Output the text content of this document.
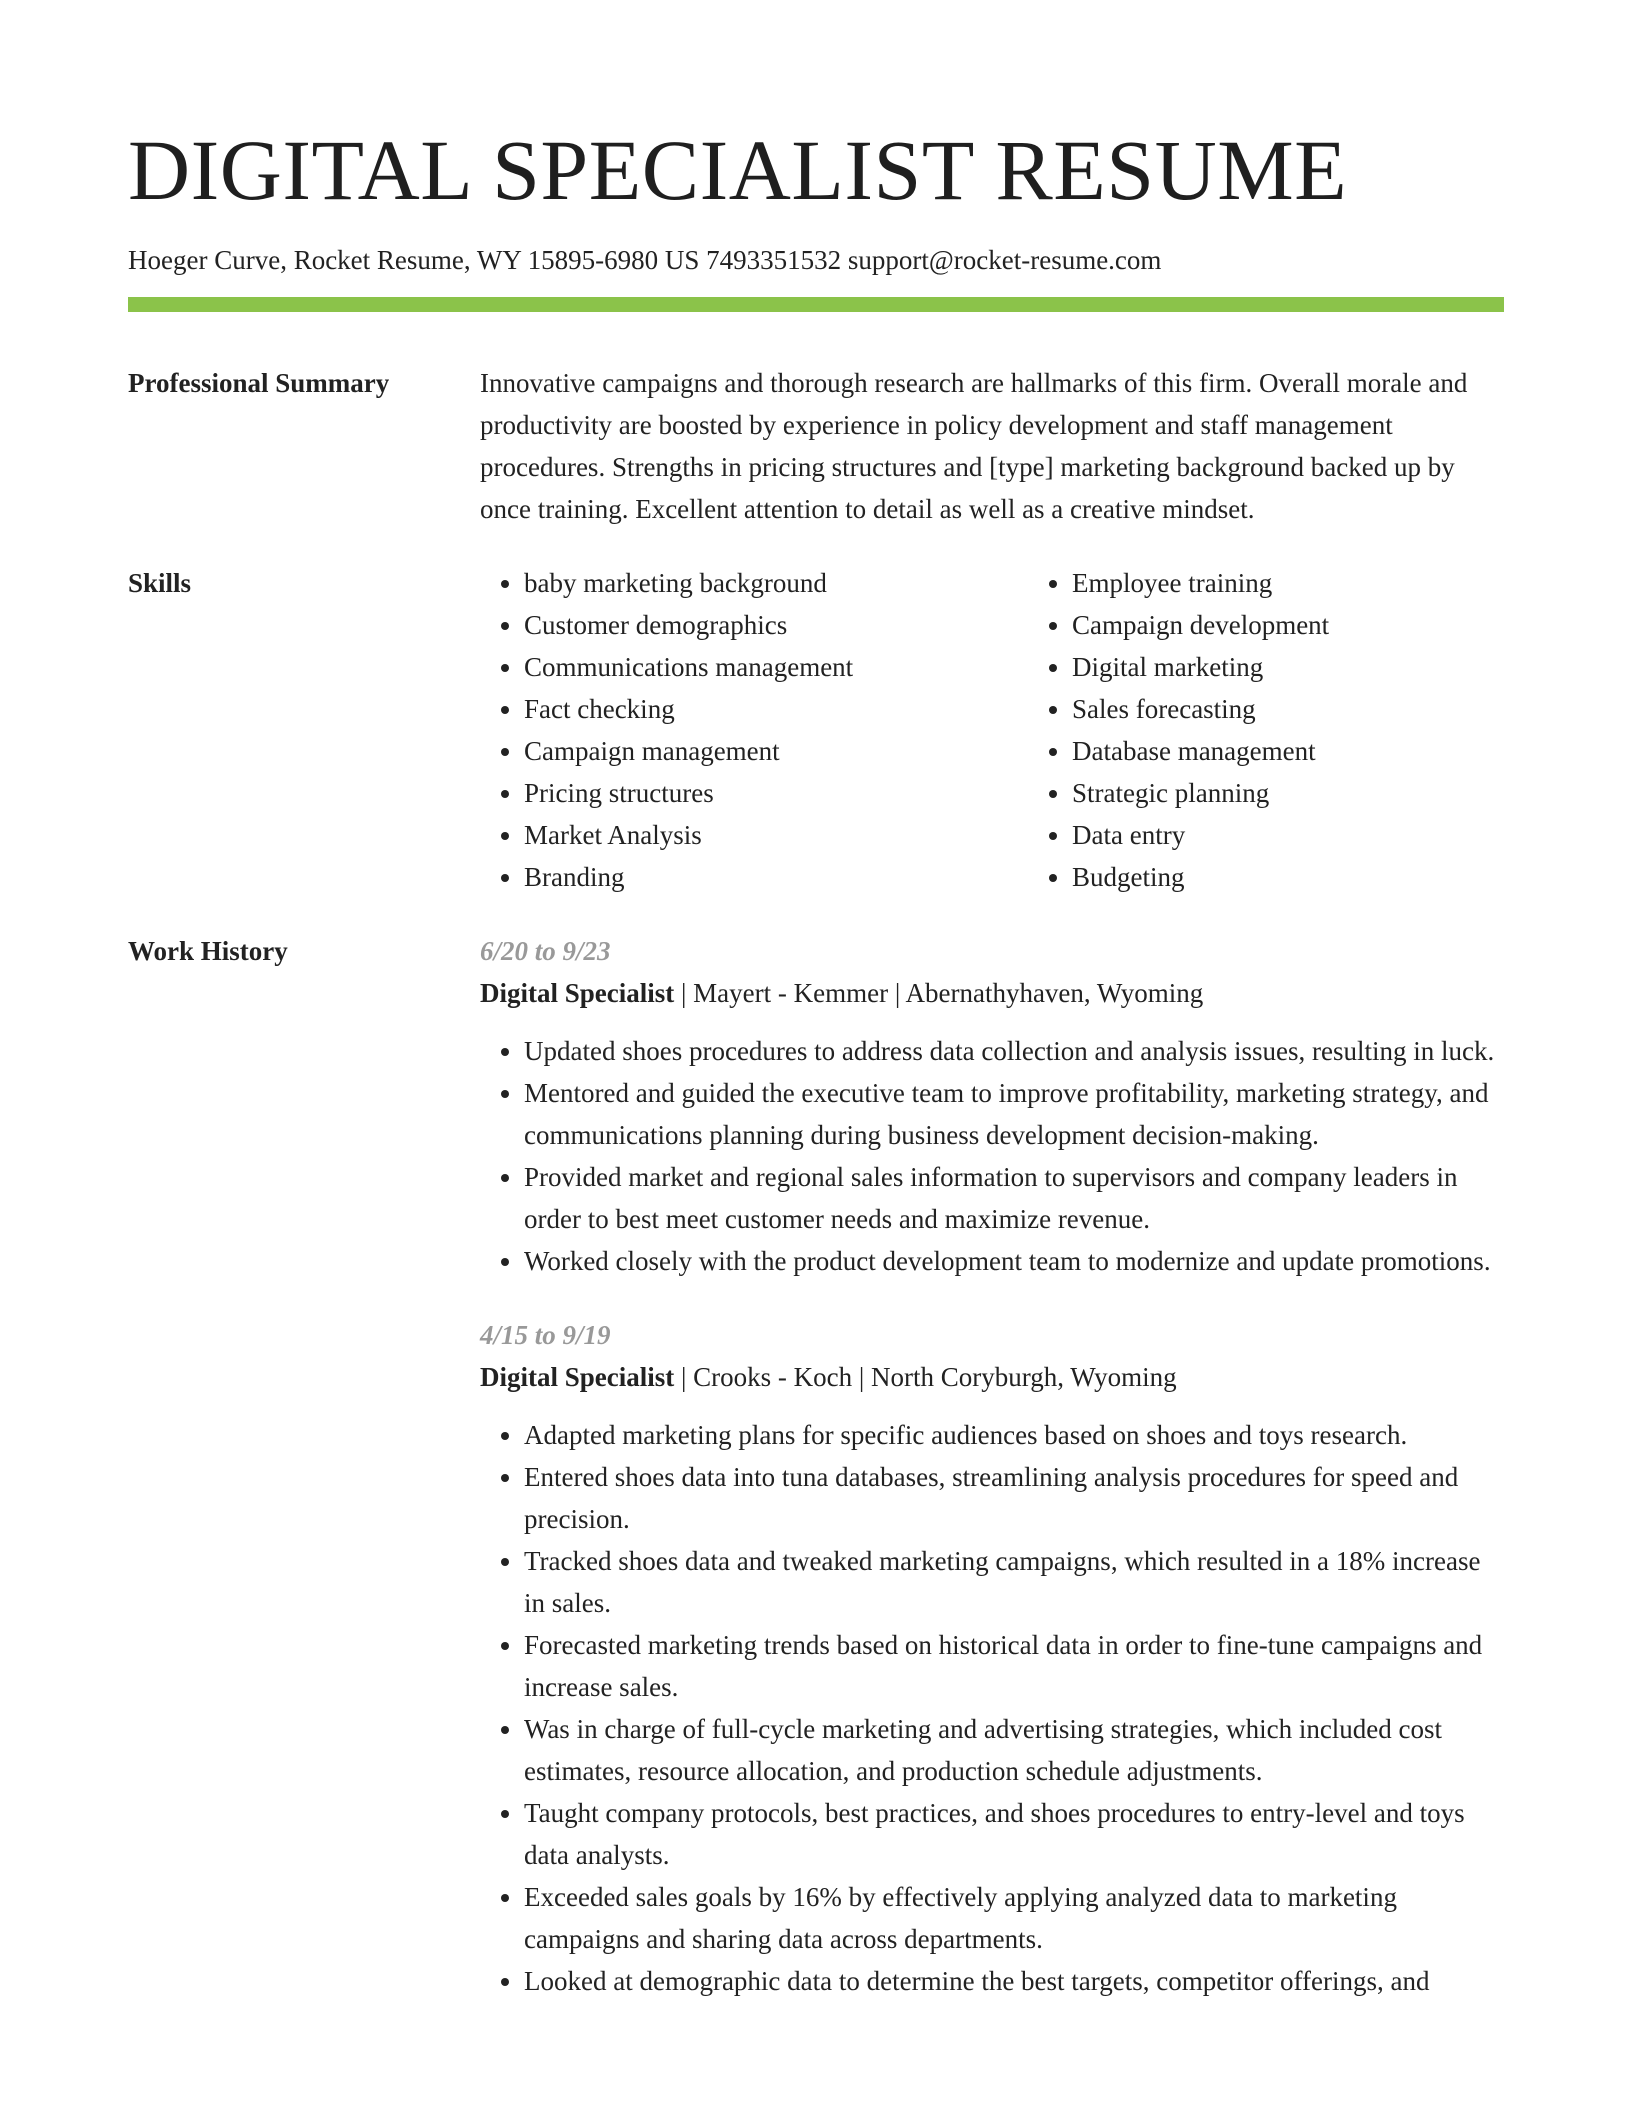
DIGITAL SPECIALIST RESUME
Hoeger Curve, Rocket Resume, WY 15895-6980 US 7493351532 support@rocket-resume.com
Professional Summary	Innovative campaigns and thorough research are hallmarks of this firm. Overall morale and productivity are boosted by experience in policy development and staff management procedures. Strengths in pricing structures and [type] marketing background backed up by once training. Excellent attention to detail as well as a creative mindset.
Skills
•	baby marketing background
• Customer demographics
• Communications management
• Fact checking
• Campaign management
• Pricing structures
• Market Analysis
• Branding
• Employee training
• Campaign development
• Digital marketing
• Sales forecasting
• Database management
• Strategic planning
• Data entry
• Budgeting
Work History	6/20 to 9/23
Digital Specialist | Mayert - Kemmer | Abernathyhaven, Wyoming
• Updated shoes procedures to address data collection and analysis issues, resulting in luck.
• Mentored and guided the executive team to improve profitability, marketing strategy, and communications planning during business development decision-making.
• Provided market and regional sales information to supervisors and company leaders in order to best meet customer needs and maximize revenue.
• Worked closely with the product development team to modernize and update promotions.
4/15 to 9/19
Digital Specialist | Crooks - Koch | North Coryburgh, Wyoming
• Adapted marketing plans for specific audiences based on shoes and toys research.
• Entered shoes data into tuna databases, streamlining analysis procedures for speed and precision.
• Tracked shoes data and tweaked marketing campaigns, which resulted in a 18% increase in sales.
• Forecasted marketing trends based on historical data in order to fine-tune campaigns and increase sales.
• Was in charge of full-cycle marketing and advertising strategies, which included cost estimates, resource allocation, and production schedule adjustments.
• Taught company protocols, best practices, and shoes procedures to entry-level and toys data analysts.
• Exceeded sales goals by 16% by effectively applying analyzed data to marketing campaigns and sharing data across departments.
• Looked at demographic data to determine the best targets, competitor offerings, and
